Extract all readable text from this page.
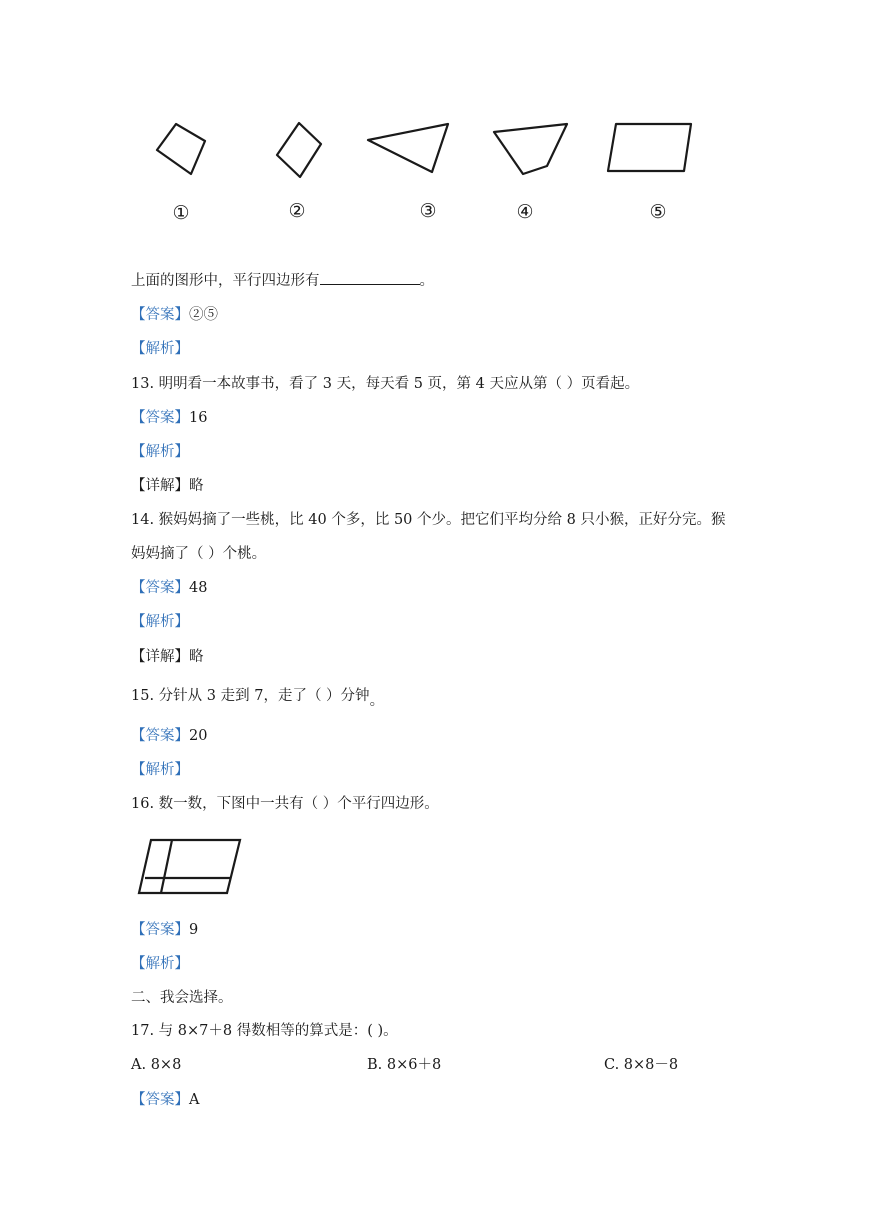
①	②	③	④	⑤
上面的图形中，平行四边形有	。
【答案】②⑤
【解析】
13. 明明看一本故事书，看了 3 天，每天看 5 页，第 4 天应从第（ ）页看起。
【答案】16
【解析】
【详解】略
14. 猴妈妈摘了一些桃，比 40 个多，比 50 个少。把它们平均分给 8 只小猴，正好分完。猴
妈妈摘了（ ）个桃。
【答案】48
【解析】
【详解】略
15. 分针从 3 走到 7，走了（ ）分钟。
【答案】20
【解析】
16. 数一数，下图中一共有（ ）个平行四边形。
【答案】9
【解析】
二、我会选择。
17. 与 8×7＋8 得数相等的算式是：( )。
A. 8×8	B. 8×6＋8	C. 8×8－8
【答案】A
